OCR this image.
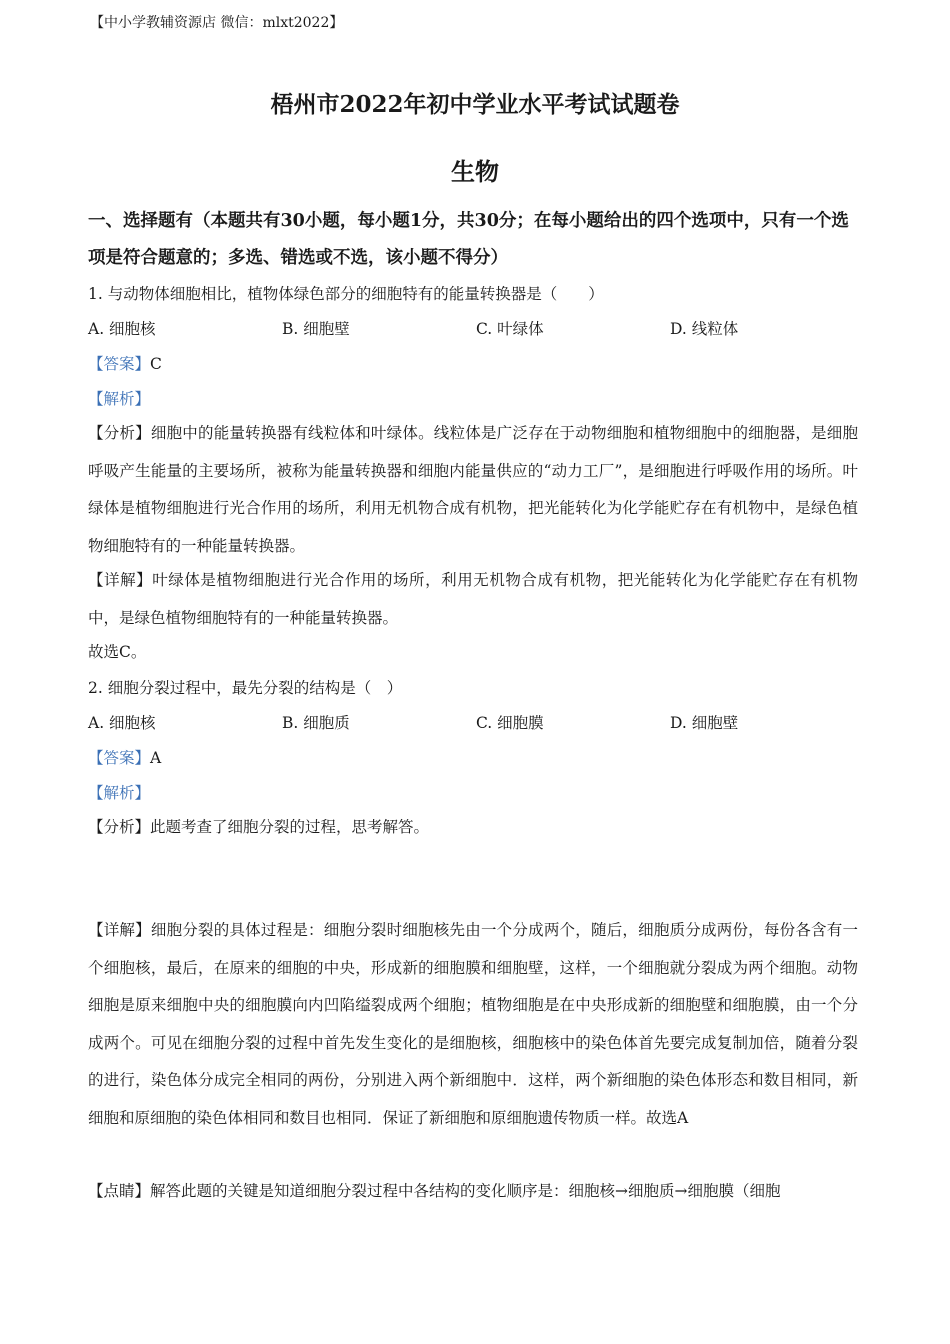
【中小学教辅资源店 微信：mlxt2022】
梧州市2022年初中学业水平考试试题卷
生物
一、选择题有（本题共有30小题，每小题1分，共30分；在每小题给出的四个选项中，只有一个选项是符合题意的；多选、错选或不选，该小题不得分）
1. 与动物体细胞相比，植物体绿色部分的细胞特有的能量转换器是（　　）
A. 细胞核	B. 细胞壁	C. 叶绿体	D. 线粒体
【答案】C
【解析】
【分析】细胞中的能量转换器有线粒体和叶绿体。线粒体是广泛存在于动物细胞和植物细胞中的细胞器，是细胞呼吸产生能量的主要场所，被称为能量转换器和细胞内能量供应的“动力工厂”，是细胞进行呼吸作用的场所。叶绿体是植物细胞进行光合作用的场所，利用无机物合成有机物，把光能转化为化学能贮存在有机物中，是绿色植物细胞特有的一种能量转换器。
【详解】叶绿体是植物细胞进行光合作用的场所，利用无机物合成有机物，把光能转化为化学能贮存在有机物中，是绿色植物细胞特有的一种能量转换器。
故选C。
2. 细胞分裂过程中，最先分裂的结构是（　）
A. 细胞核	B. 细胞质	C. 细胞膜	D. 细胞壁
【答案】A
【解析】
【分析】此题考查了细胞分裂的过程，思考解答。
【详解】细胞分裂的具体过程是：细胞分裂时细胞核先由一个分成两个，随后，细胞质分成两份，每份各含有一个细胞核，最后，在原来的细胞的中央，形成新的细胞膜和细胞壁，这样，一个细胞就分裂成为两个细胞。动物细胞是原来细胞中央的细胞膜向内凹陷缢裂成两个细胞；植物细胞是在中央形成新的细胞壁和细胞膜，由一个分成两个。可见在细胞分裂的过程中首先发生变化的是细胞核，细胞核中的染色体首先要完成复制加倍，随着分裂的进行，染色体分成完全相同的两份，分别进入两个新细胞中．这样，两个新细胞的染色体形态和数目相同，新细胞和原细胞的染色体相同和数目也相同．保证了新细胞和原细胞遗传物质一样。故选A
【点睛】解答此题的关键是知道细胞分裂过程中各结构的变化顺序是：细胞核→细胞质→细胞膜（细胞
